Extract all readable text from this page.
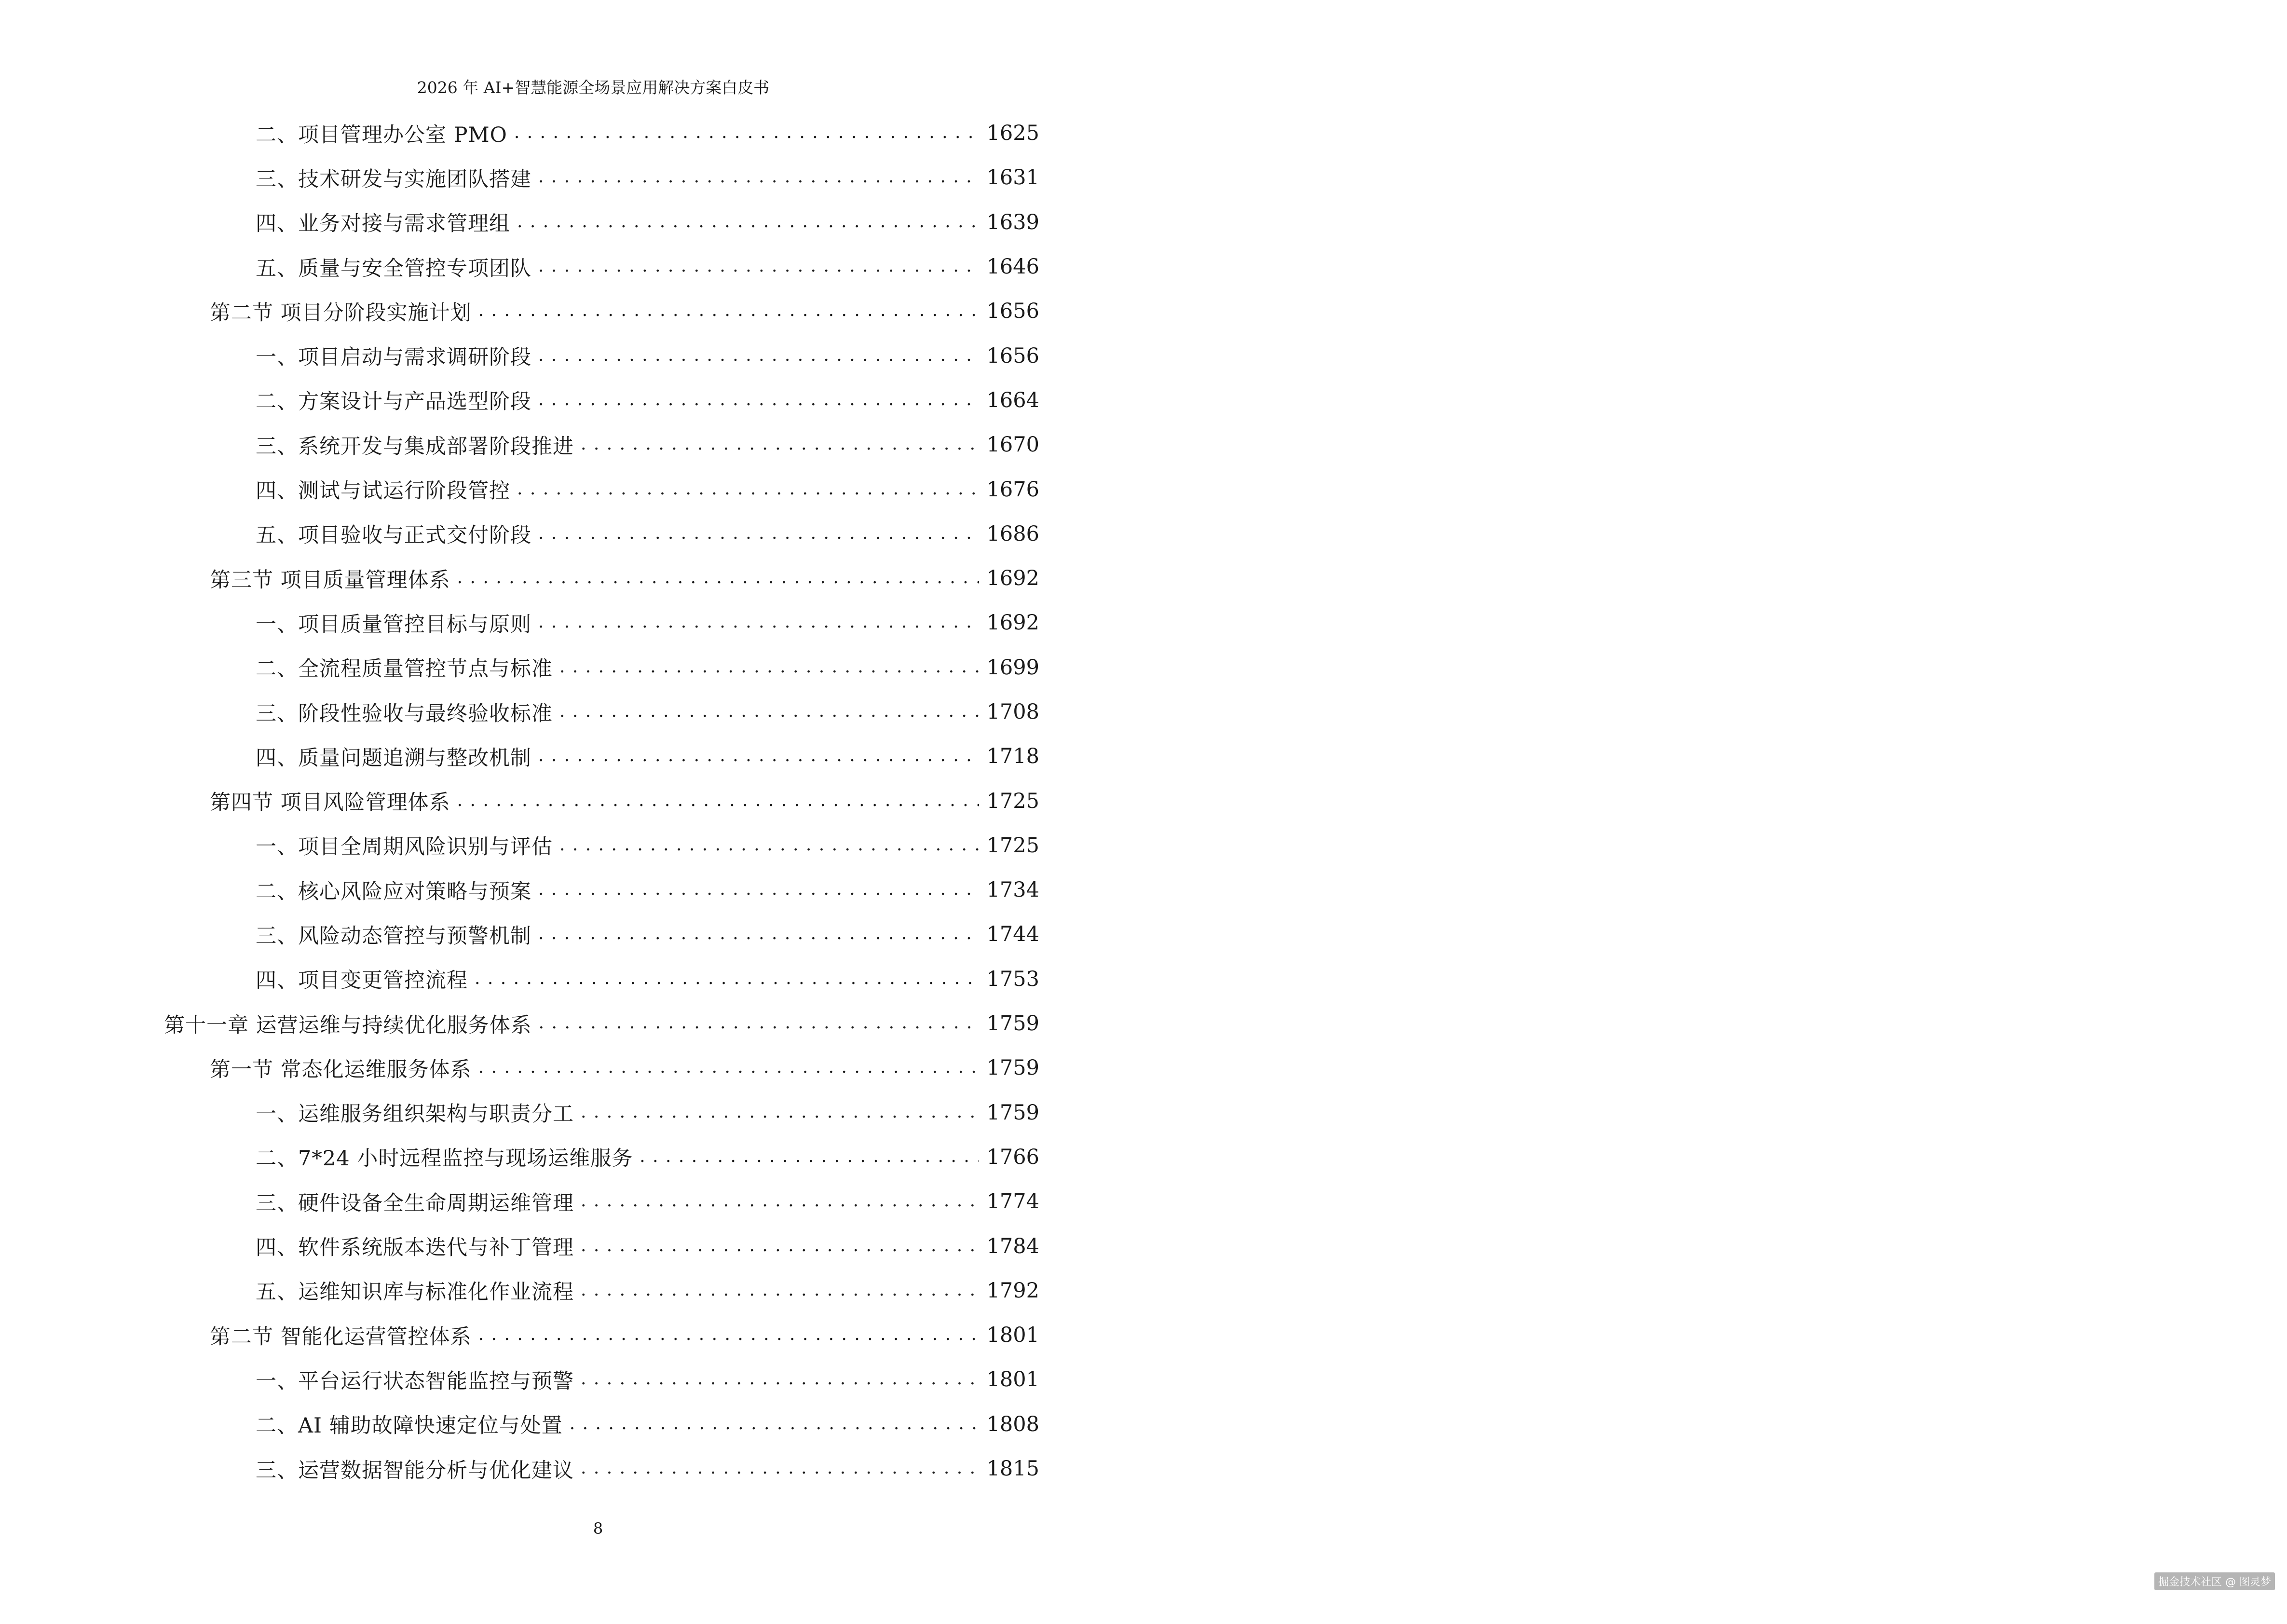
2026 年 AI+智慧能源全场景应用解决方案白皮书
二、项目管理办公室 PMO . . .	1625
三、技术研发与实施团队搭建 . . .	1631
四、业务对接与需求管理组 . . .	1639
五、质量与安全管控专项团队 . . .	1646
第二节 项目分阶段实施计划 . . .	1656
一、项目启动与需求调研阶段 . . .	1656
二、方案设计与产品选型阶段 . . .	1664
三、系统开发与集成部署阶段推进 . . .	1670
四、测试与试运行阶段管控 . . .	1676
五、项目验收与正式交付阶段 . . .	1686
第三节 项目质量管理体系 . . .	1692
一、项目质量管控目标与原则 . . .	1692
二、全流程质量管控节点与标准 . . .	1699
三、阶段性验收与最终验收标准 . . .	1708
四、质量问题追溯与整改机制 . . .	1718
第四节 项目风险管理体系 . . .	1725
一、项目全周期风险识别与评估 . . .	1725
二、核心风险应对策略与预案 . . .	1734
三、风险动态管控与预警机制 . . .	1744
四、项目变更管控流程 . . .	1753
第十一章 运营运维与持续优化服务体系 . . .	1759
第一节 常态化运维服务体系 . . .	1759
一、运维服务组织架构与职责分工 . . .	1759
二、7*24 小时远程监控与现场运维服务 . . .	1766
三、硬件设备全生命周期运维管理 . . .	1774
四、软件系统版本迭代与补丁管理 . . .	1784
五、运维知识库与标准化作业流程 . . .	1792
第二节 智能化运营管控体系 . . .	1801
一、平台运行状态智能监控与预警 . . .	1801
二、AI 辅助故障快速定位与处置 . . .	1808
三、运营数据智能分析与优化建议 . . .	1815
8
掘金技术社区 @ 图灵梦
